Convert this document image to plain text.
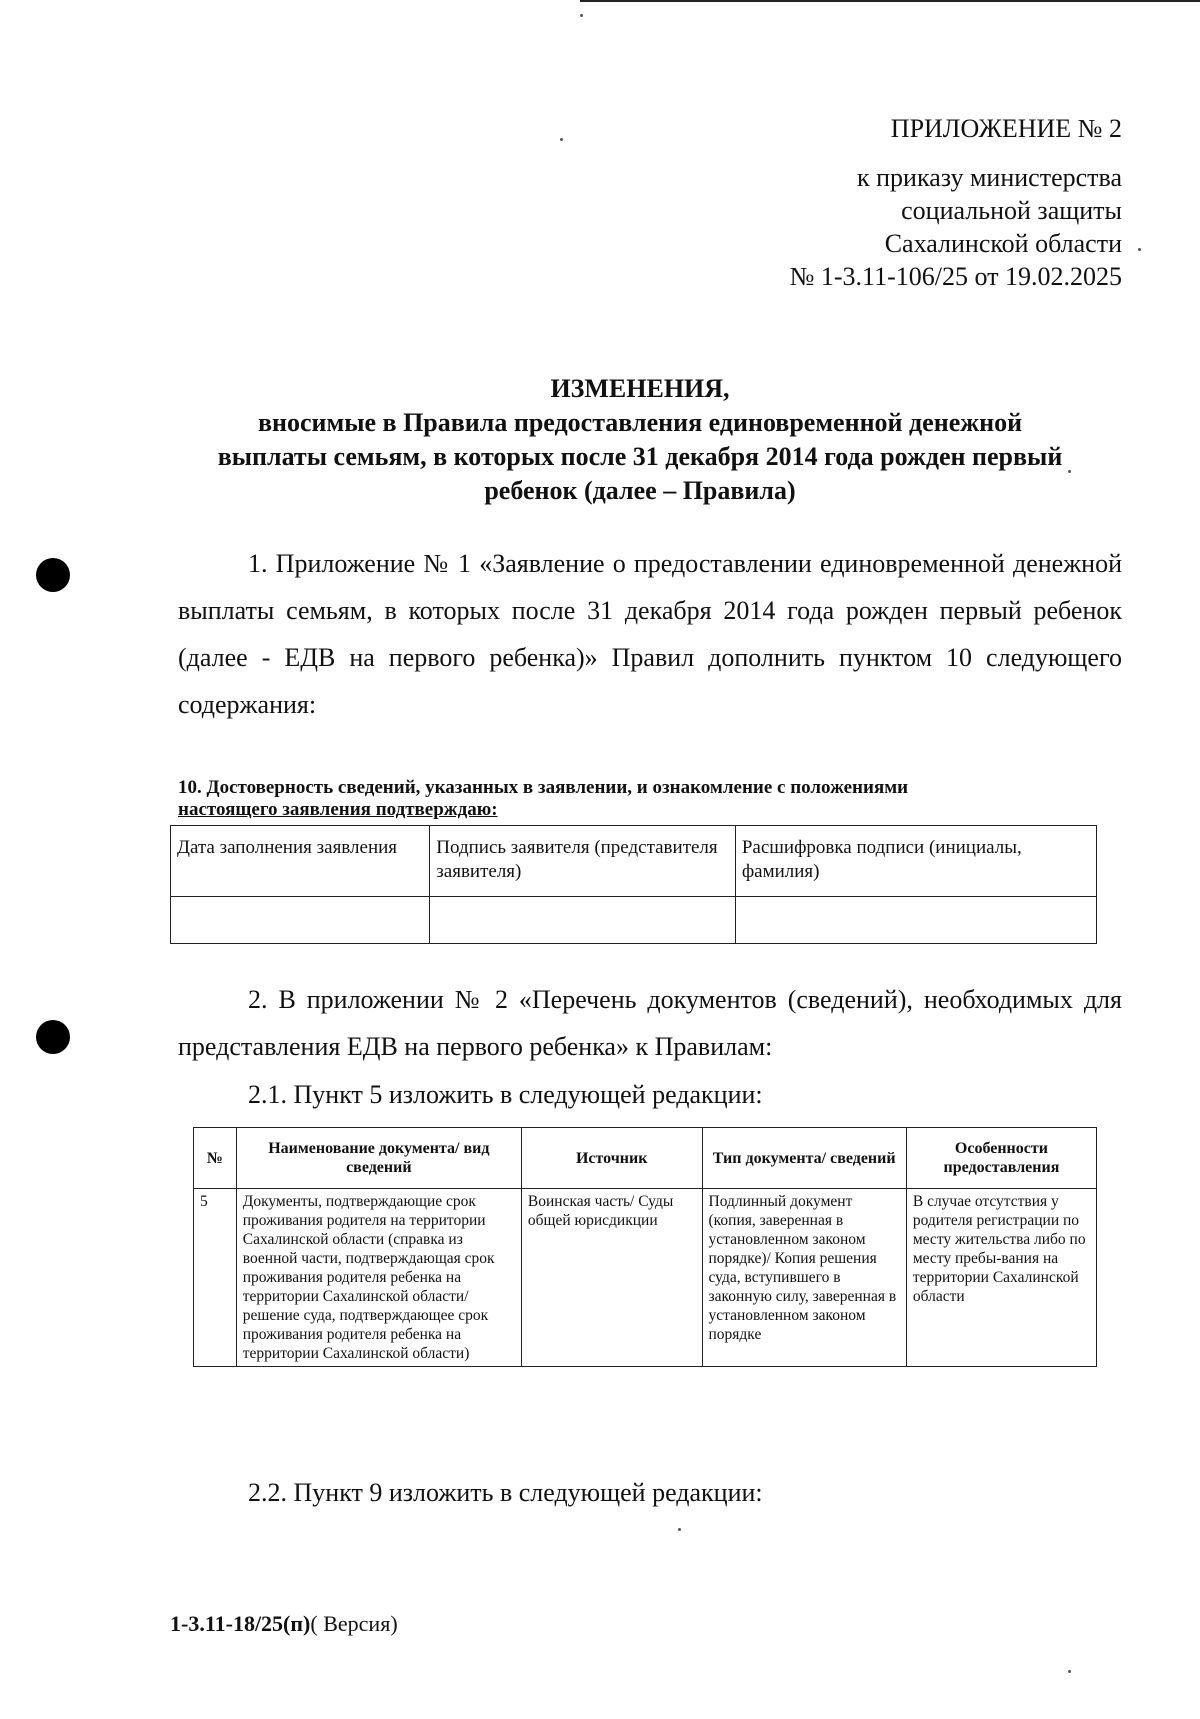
ПРИЛОЖЕНИЕ № 2
к приказу министерства
социальной защиты
Сахалинской области
№ 1-3.11-106/25 от 19.02.2025
ИЗМЕНЕНИЯ,
вносимые в Правила предоставления единовременной денежной
выплаты семьям, в которых после 31 декабря 2014 года рожден первый
ребенок (далее – Правила)
1. Приложение № 1 «Заявление о предоставлении единовременной денежной выплаты семьям, в которых после 31 декабря 2014 года рожден первый ребенок (далее - ЕДВ на первого ребенка)» Правил дополнить пунктом 10 следующего содержания:
10. Достоверность сведений, указанных в заявлении, и ознакомление с положениями
настоящего заявления подтверждаю:
Дата заполнения заявления	Подпись заявителя (представителя заявителя)	Расшифровка подписи (инициалы, фамилия)

2. В приложении № 2 «Перечень документов (сведений), необходимых для представления ЕДВ на первого ребенка» к Правилам:
2.1. Пункт 5 изложить в следующей редакции:
№	Наименование документа/ вид сведений	Источник	Тип документа/ сведений	Особенности предоставления
5	Документы, подтверждающие срок проживания родителя на территории Сахалинской области (справка из военной части, подтверждающая срок проживания родителя ребенка на территории Сахалинской области/ решение суда, подтверждающее срок проживания родителя ребенка на территории Сахалинской области)	Воинская часть/ Суды общей юрисдикции	Подлинный документ (копия, заверенная в установленном законом порядке)/ Копия решения суда, вступившего в законную силу, заверенная в установленном законом порядке	В случае отсутствия у родителя регистрации по месту жительства либо по месту пребы-вания на территории Сахалинской области
2.2. Пункт 9 изложить в следующей редакции:
1-3.11-18/25(п)( Версия)
